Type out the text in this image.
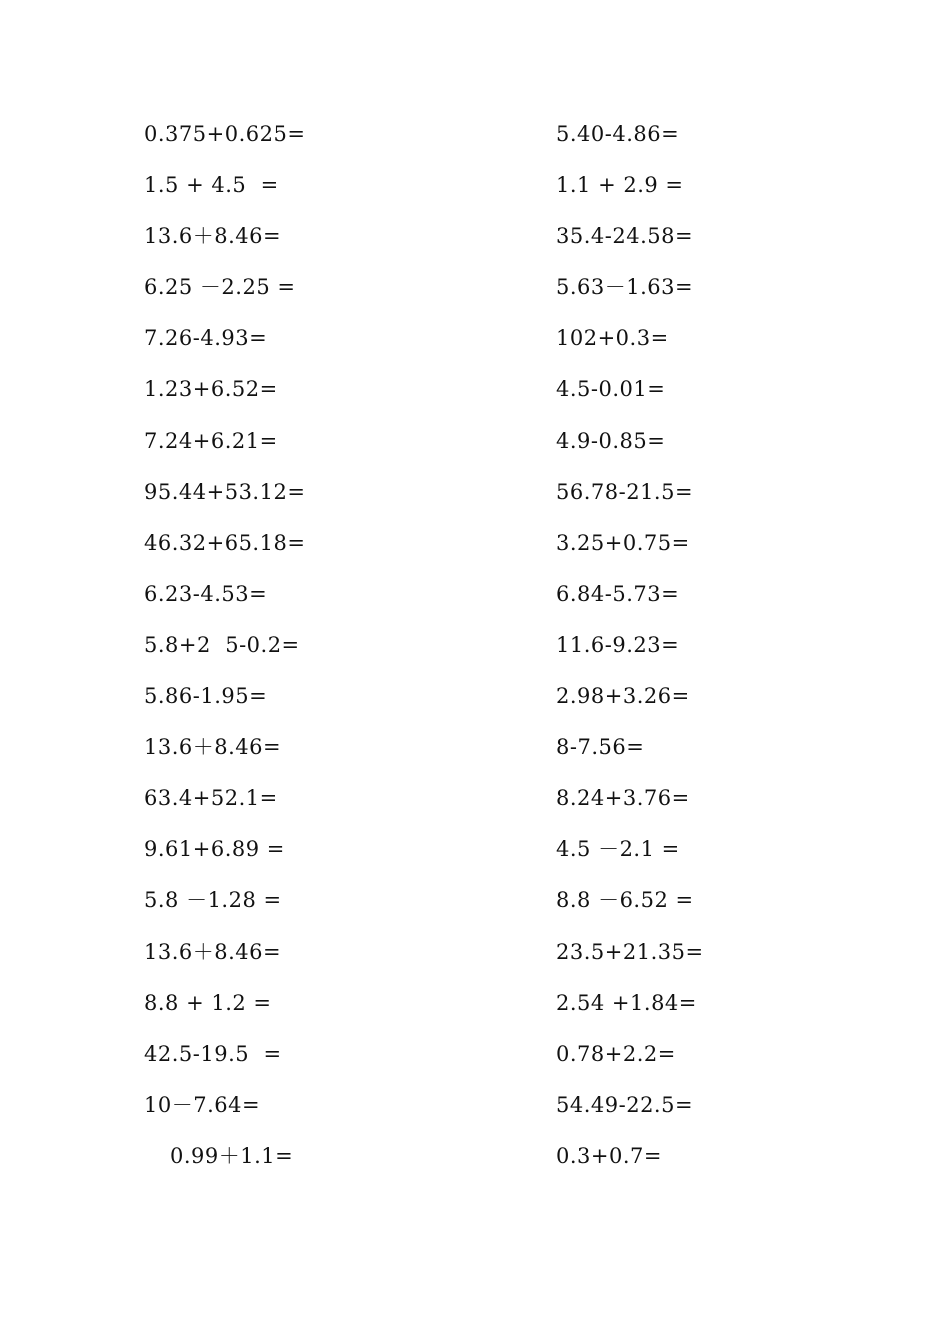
0.375+0.625=
1.5 + 4.5  =
13.6＋8.46=
6.25 －2.25 =
7.26-4.93=
1.23+6.52=
7.24+6.21=
95.44+53.12=
46.32+65.18=
6.23-4.53=
5.8+2  5-0.2=
5.86-1.95=
13.6＋8.46=
63.4+52.1=
9.61+6.89 =
5.8 －1.28 =
13.6＋8.46=
8.8 + 1.2 =
42.5-19.5  =
10－7.64=
0.99＋1.1=
5.40-4.86=
1.1 + 2.9 =
35.4-24.58=
5.63－1.63=
102+0.3=
4.5-0.01=
4.9-0.85=
56.78-21.5=
3.25+0.75=
6.84-5.73=
11.6-9.23=
2.98+3.26=
8-7.56=
8.24+3.76=
4.5 －2.1 =
8.8 －6.52 =
23.5+21.35=
2.54 +1.84=
0.78+2.2=
54.49-22.5=
0.3+0.7=
